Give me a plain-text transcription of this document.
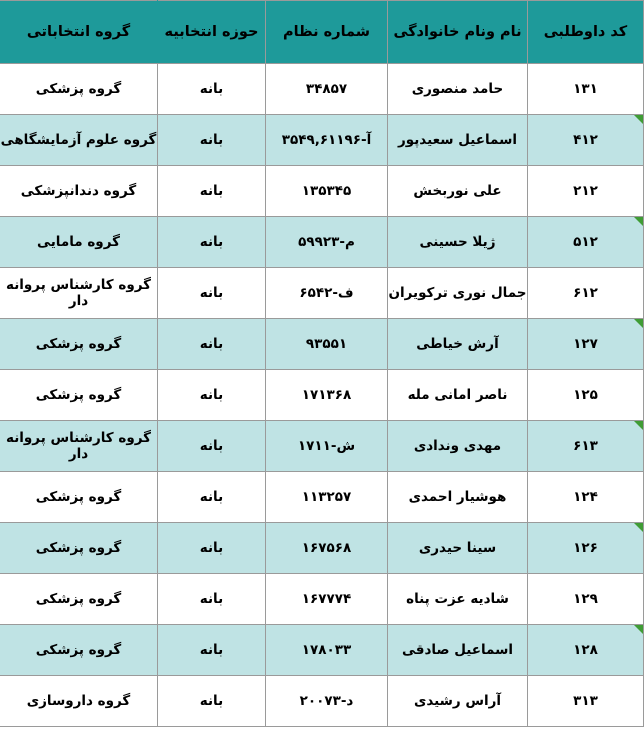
کد داوطلبی	نام ونام خانوادگی	شماره نظام	حوزه انتخابیه	گروه انتخاباتی
۱۳۱	حامد منصوری	۳۴۸۵۷	بانه	گروه پزشکی
۴۱۲	اسماعیل سعیدپور	آ-۳۵۴۹,۶۱۱۹۶	بانه	گروه علوم آزمایشگاهی
۲۱۲	علی نوربخش	۱۳۵۳۴۵	بانه	گروه دندانپزشکی
۵۱۲	ژیلا حسینی	م-۵۹۹۲۳	بانه	گروه مامایی
۶۱۲	جمال نوری ترکویران	ف-۶۵۴۲	بانه	گروه کارشناس پروانه دار
۱۲۷	آرش خیاطی	۹۳۵۵۱	بانه	گروه پزشکی
۱۲۵	ناصر امانی مله	۱۷۱۳۶۸	بانه	گروه پزشکی
۶۱۳	مهدی وندادی	ش-۱۷۱۱	بانه	گروه کارشناس پروانه دار
۱۲۴	هوشیار احمدی	۱۱۳۲۵۷	بانه	گروه پزشکی
۱۲۶	سینا حیدری	۱۶۷۵۶۸	بانه	گروه پزشکی
۱۲۹	شادیه عزت پناه	۱۶۷۷۷۴	بانه	گروه پزشکی
۱۲۸	اسماعیل صادقی	۱۷۸۰۳۳	بانه	گروه پزشکی
۳۱۳	آراس رشیدی	د-۲۰۰۷۳	بانه	گروه داروسازی
